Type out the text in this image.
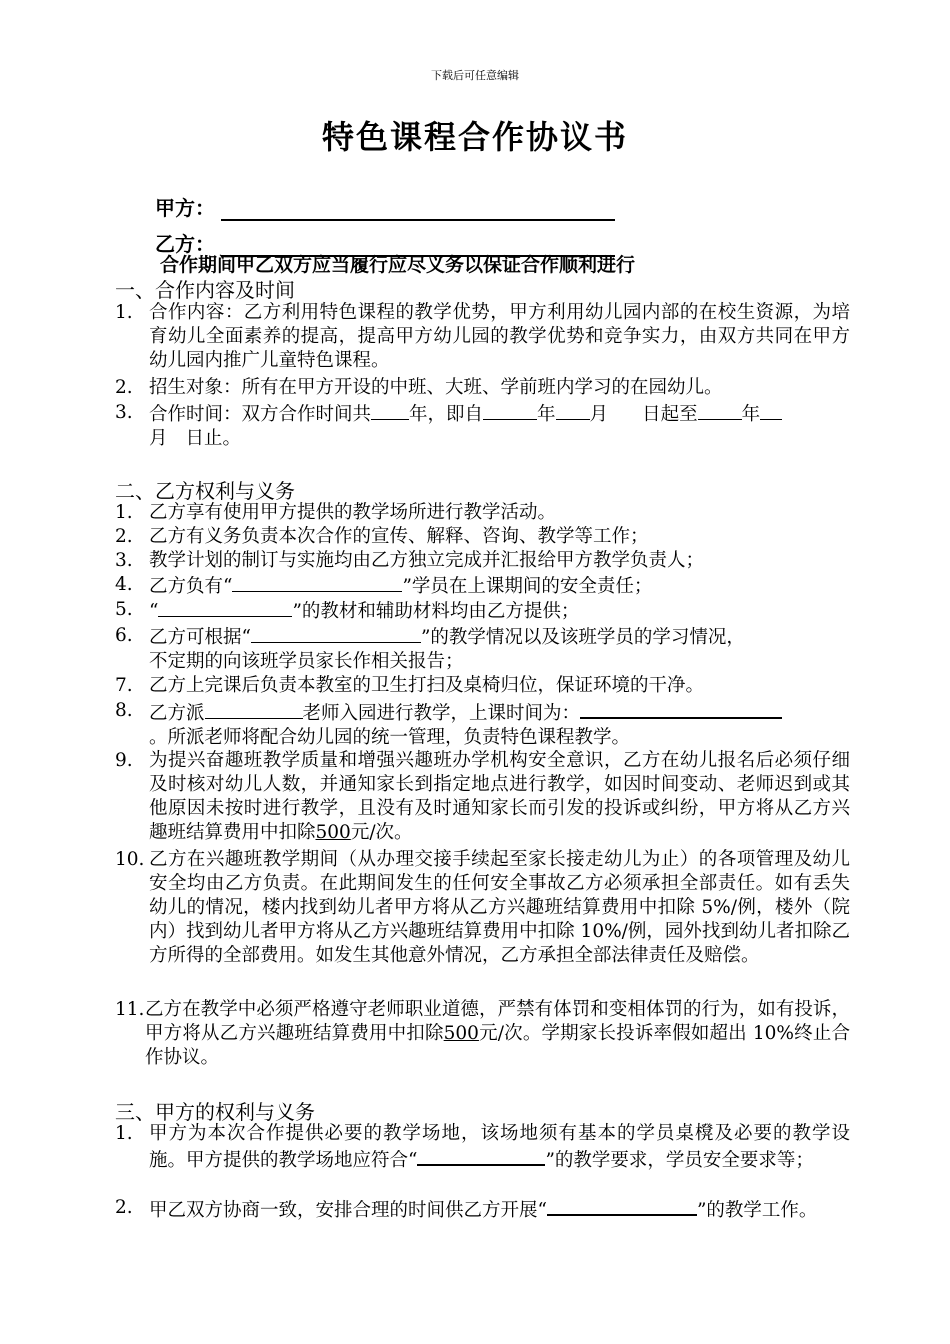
下载后可任意编辑
特色课程合作协议书
甲方：
乙方：
合作期间甲乙双方应当履行应尽义务以保证合作顺利进行
一、合作内容及时间
1. 合作内容：乙方利用特色课程的教学优势，甲方利用幼儿园内部的在校生资源，为培育幼儿全面素养的提高，提高甲方幼儿园的教学优势和竞争实力，由双方共同在甲方幼儿园内推广儿童特色课程。
2. 招生对象：所有在甲方开设的中班、大班、学前班内学习的在园幼儿。
3. 合作时间：双方合作时间共 年，即自	年 月 日起至 年
月 日止。
二、乙方权利与义务
1. 乙方享有使用甲方提供的教学场所进行教学活动。
2. 乙方有义务负责本次合作的宣传、解释、咨询、教学等工作；
3. 教学计划的制订与实施均由乙方独立完成并汇报给甲方教学负责人；
4. 乙方负有“	”学员在上课期间的安全责任；
5. “	”的教材和辅助材料均由乙方提供；
6. 乙方可根据“	”的教学情况以及该班学员的学习情况，
不定期的向该班学员家长作相关报告；
7. 乙方上完课后负责本教室的卫生打扫及桌椅归位，保证环境的干净。
8. 乙方派	老师入园进行教学，上课时间为：
。所派老师将配合幼儿园的统一管理，负责特色课程教学。
9. 为提兴奋趣班教学质量和增强兴趣班办学机构安全意识，乙方在幼儿报名后必须仔细及时核对幼儿人数，并通知家长到指定地点进行教学，如因时间变动、老师迟到或其他原因未按时进行教学，且没有及时通知家长而引发的投诉或纠纷，甲方将从乙方兴趣班结算费用中扣除500元/次。
10. 乙方在兴趣班教学期间（从办理交接手续起至家长接走幼儿为止）的各项管理及幼儿安全均由乙方负责。在此期间发生的任何安全事故乙方必须承担全部责任。如有丢失幼儿的情况，楼内找到幼儿者甲方将从乙方兴趣班结算费用中扣除 5%/例，楼外（院内）找到幼儿者甲方将从乙方兴趣班结算费用中扣除 10%/例，园外找到幼儿者扣除乙方所得的全部费用。如发生其他意外情况，乙方承担全部法律责任及赔偿。
11. 乙方在教学中必须严格遵守老师职业道德，严禁有体罚和变相体罚的行为，如有投诉，甲方将从乙方兴趣班结算费用中扣除500元/次。学期家长投诉率假如超出 10%终止合作协议。
三、甲方的权利与义务
1. 甲方为本次合作提供必要的教学场地，该场地须有基本的学员桌櫈及必要的教学设施。甲方提供的教学场地应符合“	”的教学要求，学员安全要求等；
2. 甲乙双方协商一致，安排合理的时间供乙方开展“	”的教学工作。
